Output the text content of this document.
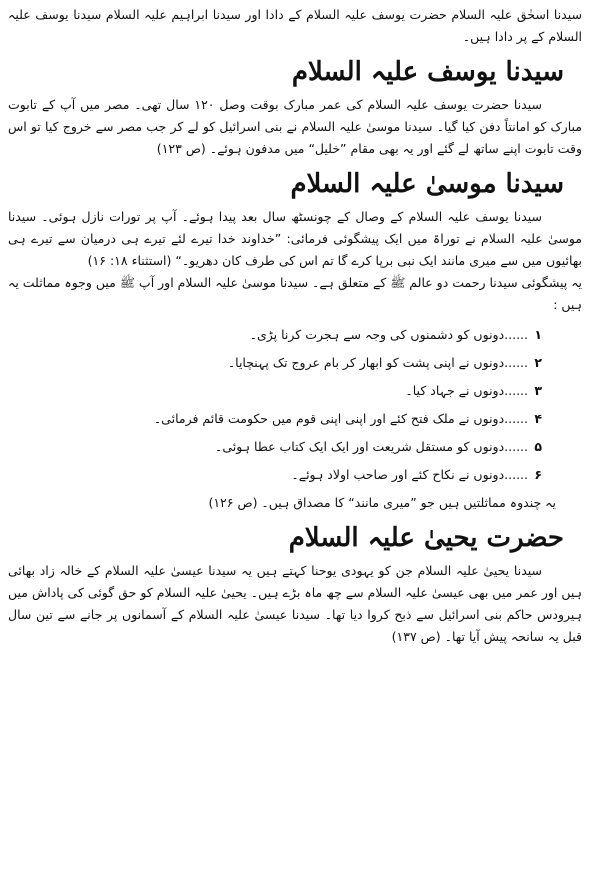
سیدنا اسحٰق علیہ السلام حضرت یوسف علیہ السلام کے دادا اور سیدنا ابراہیم علیہ السلام سیدنا یوسف علیہ السلام کے پر دادا ہیں۔

سیدنا یوسف علیہ السلام

سیدنا حضرت یوسف علیہ السلام کی عمر مبارک بوقت وصل ۱۲۰ سال تھی۔ مصر میں آپ کے تابوت مبارک کو امانتاً دفن کیا گیا۔ سیدنا موسیٰ علیہ السلام نے بنی اسرائیل کو لے کر جب مصر سے خروج کیا تو اس وقت تابوت اپنے ساتھ لے گئے اور یہ بھی مقام ”خلیل“ میں مدفون ہوئے۔ (ص ۱۲۳)

سیدنا موسیٰ علیہ السلام

سیدنا یوسف علیہ السلام کے وصال کے چونسٹھ سال بعد پیدا ہوئے۔ آپ پر تورات نازل ہوئی۔ سیدنا موسیٰ علیہ السلام نے توراۃ میں ایک پیشگوئی فرمائی: ”خداوند خدا تیرے لئے تیرے ہی درمیان سے تیرے ہی بھائیوں میں سے میری مانند ایک نبی برپا کرے گا تم اس کی طرف کان دھریو۔“ (استثناء ۱۸: ۱۶)

یہ پیشگوئی سیدنا رحمت دو عالم ﷺ کے متعلق ہے۔ سیدنا موسیٰ علیہ السلام اور آپ ﷺ میں وجوہ مماثلت یہ ہیں :

۱......دونوں کو دشمنوں کی وجہ سے ہجرت کرنا پڑی۔
۲......دونوں نے اپنی پشت کو ابھار کر بام عروج تک پہنچایا۔
۳......دونوں نے جہاد کیا۔
۴......دونوں نے ملک فتح کئے اور اپنی اپنی قوم میں حکومت قائم فرمائی۔
۵......دونوں کو مستقل شریعت اور ایک ایک کتاب عطا ہوئی۔
۶......دونوں نے نکاح کئے اور صاحب اولاد ہوئے۔

یہ چندوہ مماثلتیں ہیں جو ”میری مانند“ کا مصداق ہیں۔ (ص ۱۲۶)

حضرت یحییٰ علیہ السلام

سیدنا یحییٰ علیہ السلام جن کو یہودی یوحنا کہتے ہیں یہ سیدنا عیسیٰ علیہ السلام کے خالہ زاد بھائی ہیں اور عمر میں بھی عیسیٰ علیہ السلام سے چھ ماہ بڑے ہیں۔ یحییٰ علیہ السلام کو حق گوئی کی پاداش میں ہیرودس حاکم بنی اسرائیل سے ذبح کروا دیا تھا۔ سیدنا عیسیٰ علیہ السلام کے آسمانوں پر جانے سے تین سال قبل یہ سانحہ پیش آیا تھا۔ (ص ۱۳۷)
